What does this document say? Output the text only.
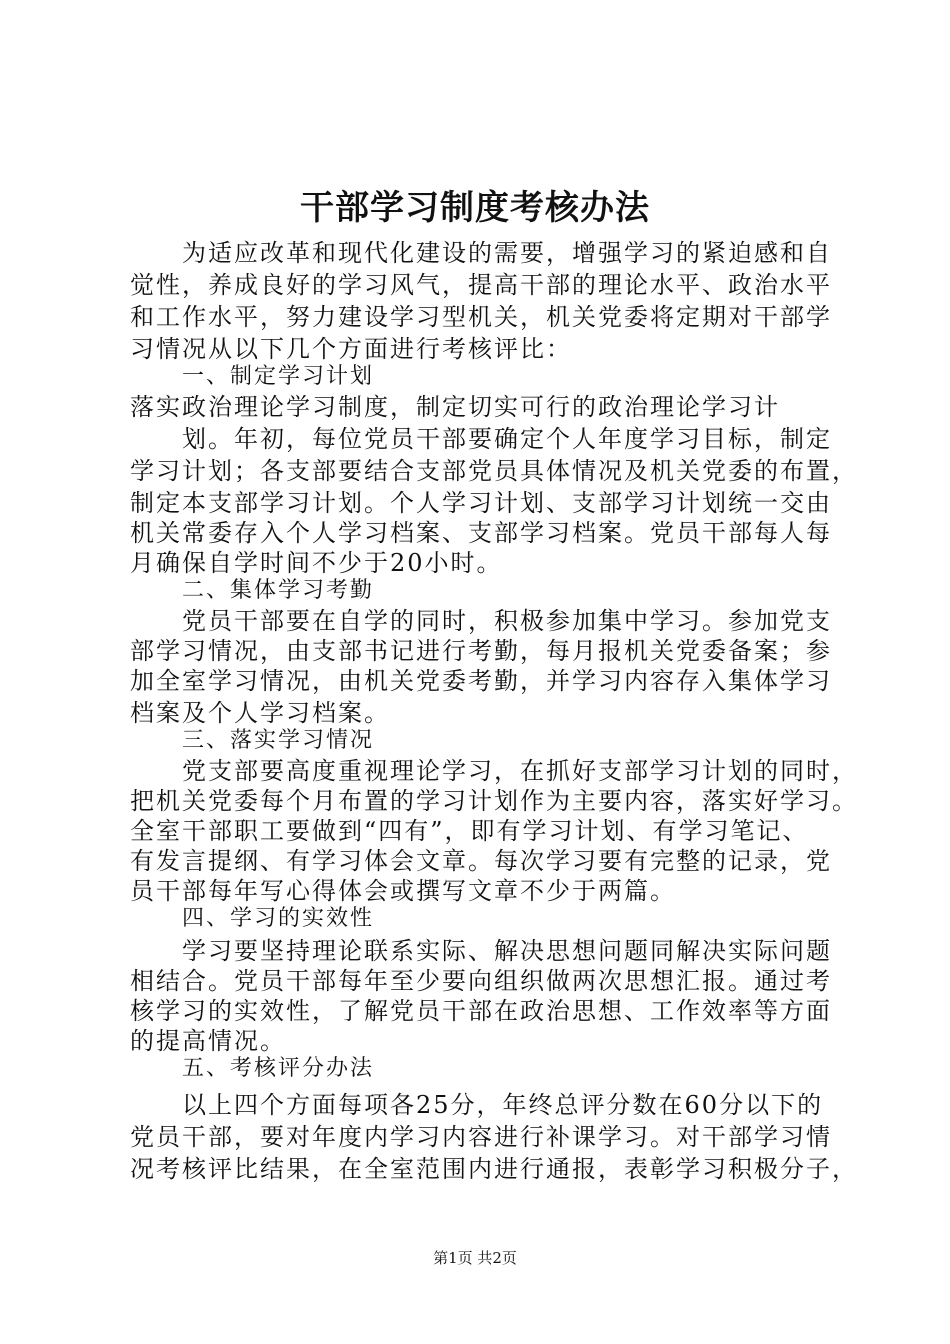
干部学习制度考核办法
为适应改革和现代化建设的需要，增强学习的紧迫感和自
觉性，养成良好的学习风气，提高干部的理论水平、政治水平
和工作水平，努力建设学习型机关，机关党委将定期对干部学
习情况从以下几个方面进行考核评比：
一、制定学习计划
落实政治理论学习制度，制定切实可行的政治理论学习计
划。年初，每位党员干部要确定个人年度学习目标，制定
学习计划；各支部要结合支部党员具体情况及机关党委的布置，
制定本支部学习计划。个人学习计划、支部学习计划统一交由
机关常委存入个人学习档案、支部学习档案。党员干部每人每
月确保自学时间不少于20小时。
二、集体学习考勤
党员干部要在自学的同时，积极参加集中学习。参加党支
部学习情况，由支部书记进行考勤，每月报机关党委备案；参
加全室学习情况，由机关党委考勤，并学习内容存入集体学习
档案及个人学习档案。
三、落实学习情况
党支部要高度重视理论学习，在抓好支部学习计划的同时，
把机关党委每个月布置的学习计划作为主要内容，落实好学习。
全室干部职工要做到“四有”，即有学习计划、有学习笔记、
有发言提纲、有学习体会文章。每次学习要有完整的记录，党
员干部每年写心得体会或撰写文章不少于两篇。
四、学习的实效性
学习要坚持理论联系实际、解决思想问题同解决实际问题
相结合。党员干部每年至少要向组织做两次思想汇报。通过考
核学习的实效性，了解党员干部在政治思想、工作效率等方面
的提高情况。
五、考核评分办法
以上四个方面每项各25分，年终总评分数在60分以下的
党员干部，要对年度内学习内容进行补课学习。对干部学习情
况考核评比结果，在全室范围内进行通报，表彰学习积极分子，
第1页 共2页
